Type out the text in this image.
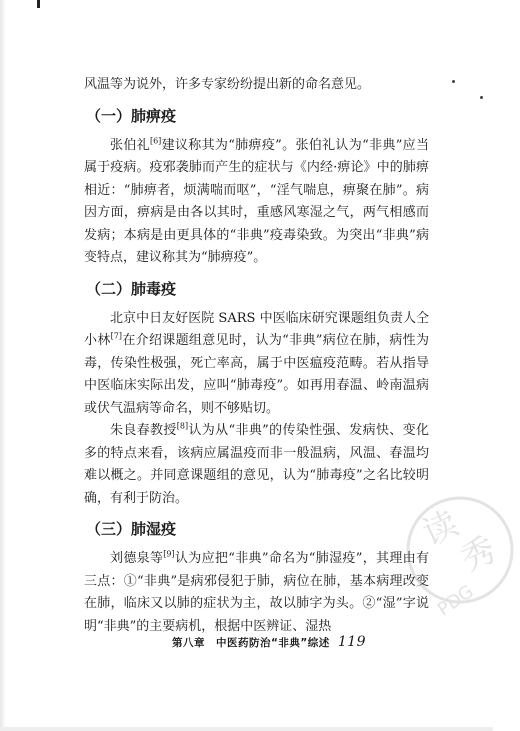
风温等为说外，许多专家纷纷提出新的命名意见。

（一）肺痹疫

张伯礼[6]建议称其为“肺痹疫”。张伯礼认为“非典”应当属于疫病。疫邪袭肺而产生的症状与《内经·痹论》中的肺痹相近：“肺痹者，烦满喘而呕”，“淫气喘息，痹聚在肺”。病因方面，痹病是由各以其时，重感风寒湿之气，两气相感而发病；本病是由更具体的“非典”疫毒染致。为突出“非典”病变特点，建议称其为“肺痹疫”。

（二）肺毒疫

北京中日友好医院 SARS 中医临床研究课题组负责人仝小林[7]在介绍课题组意见时，认为“非典”病位在肺，病性为毒，传染性极强，死亡率高，属于中医瘟疫范畴。若从指导中医临床实际出发，应叫“肺毒疫”。如再用春温、岭南温病或伏气温病等命名，则不够贴切。

朱良春教授[8]认为从“非典”的传染性强、发病快、变化多的特点来看，该病应属温疫而非一般温病，风温、春温均难以概之。并同意课题组的意见，认为“肺毒疫”之名比较明确，有利于防治。

（三）肺湿疫

刘德泉等[9]认为应把“非典”命名为“肺湿疫”，其理由有三点：①“非典”是病邪侵犯于肺，病位在肺，基本病理改变在肺，临床又以肺的症状为主，故以肺字为头。②“湿”字说明“非典”的主要病机，根据中医辨证、湿热

第八章　中医药防治“非典”综述 119
读
秀
PDG
